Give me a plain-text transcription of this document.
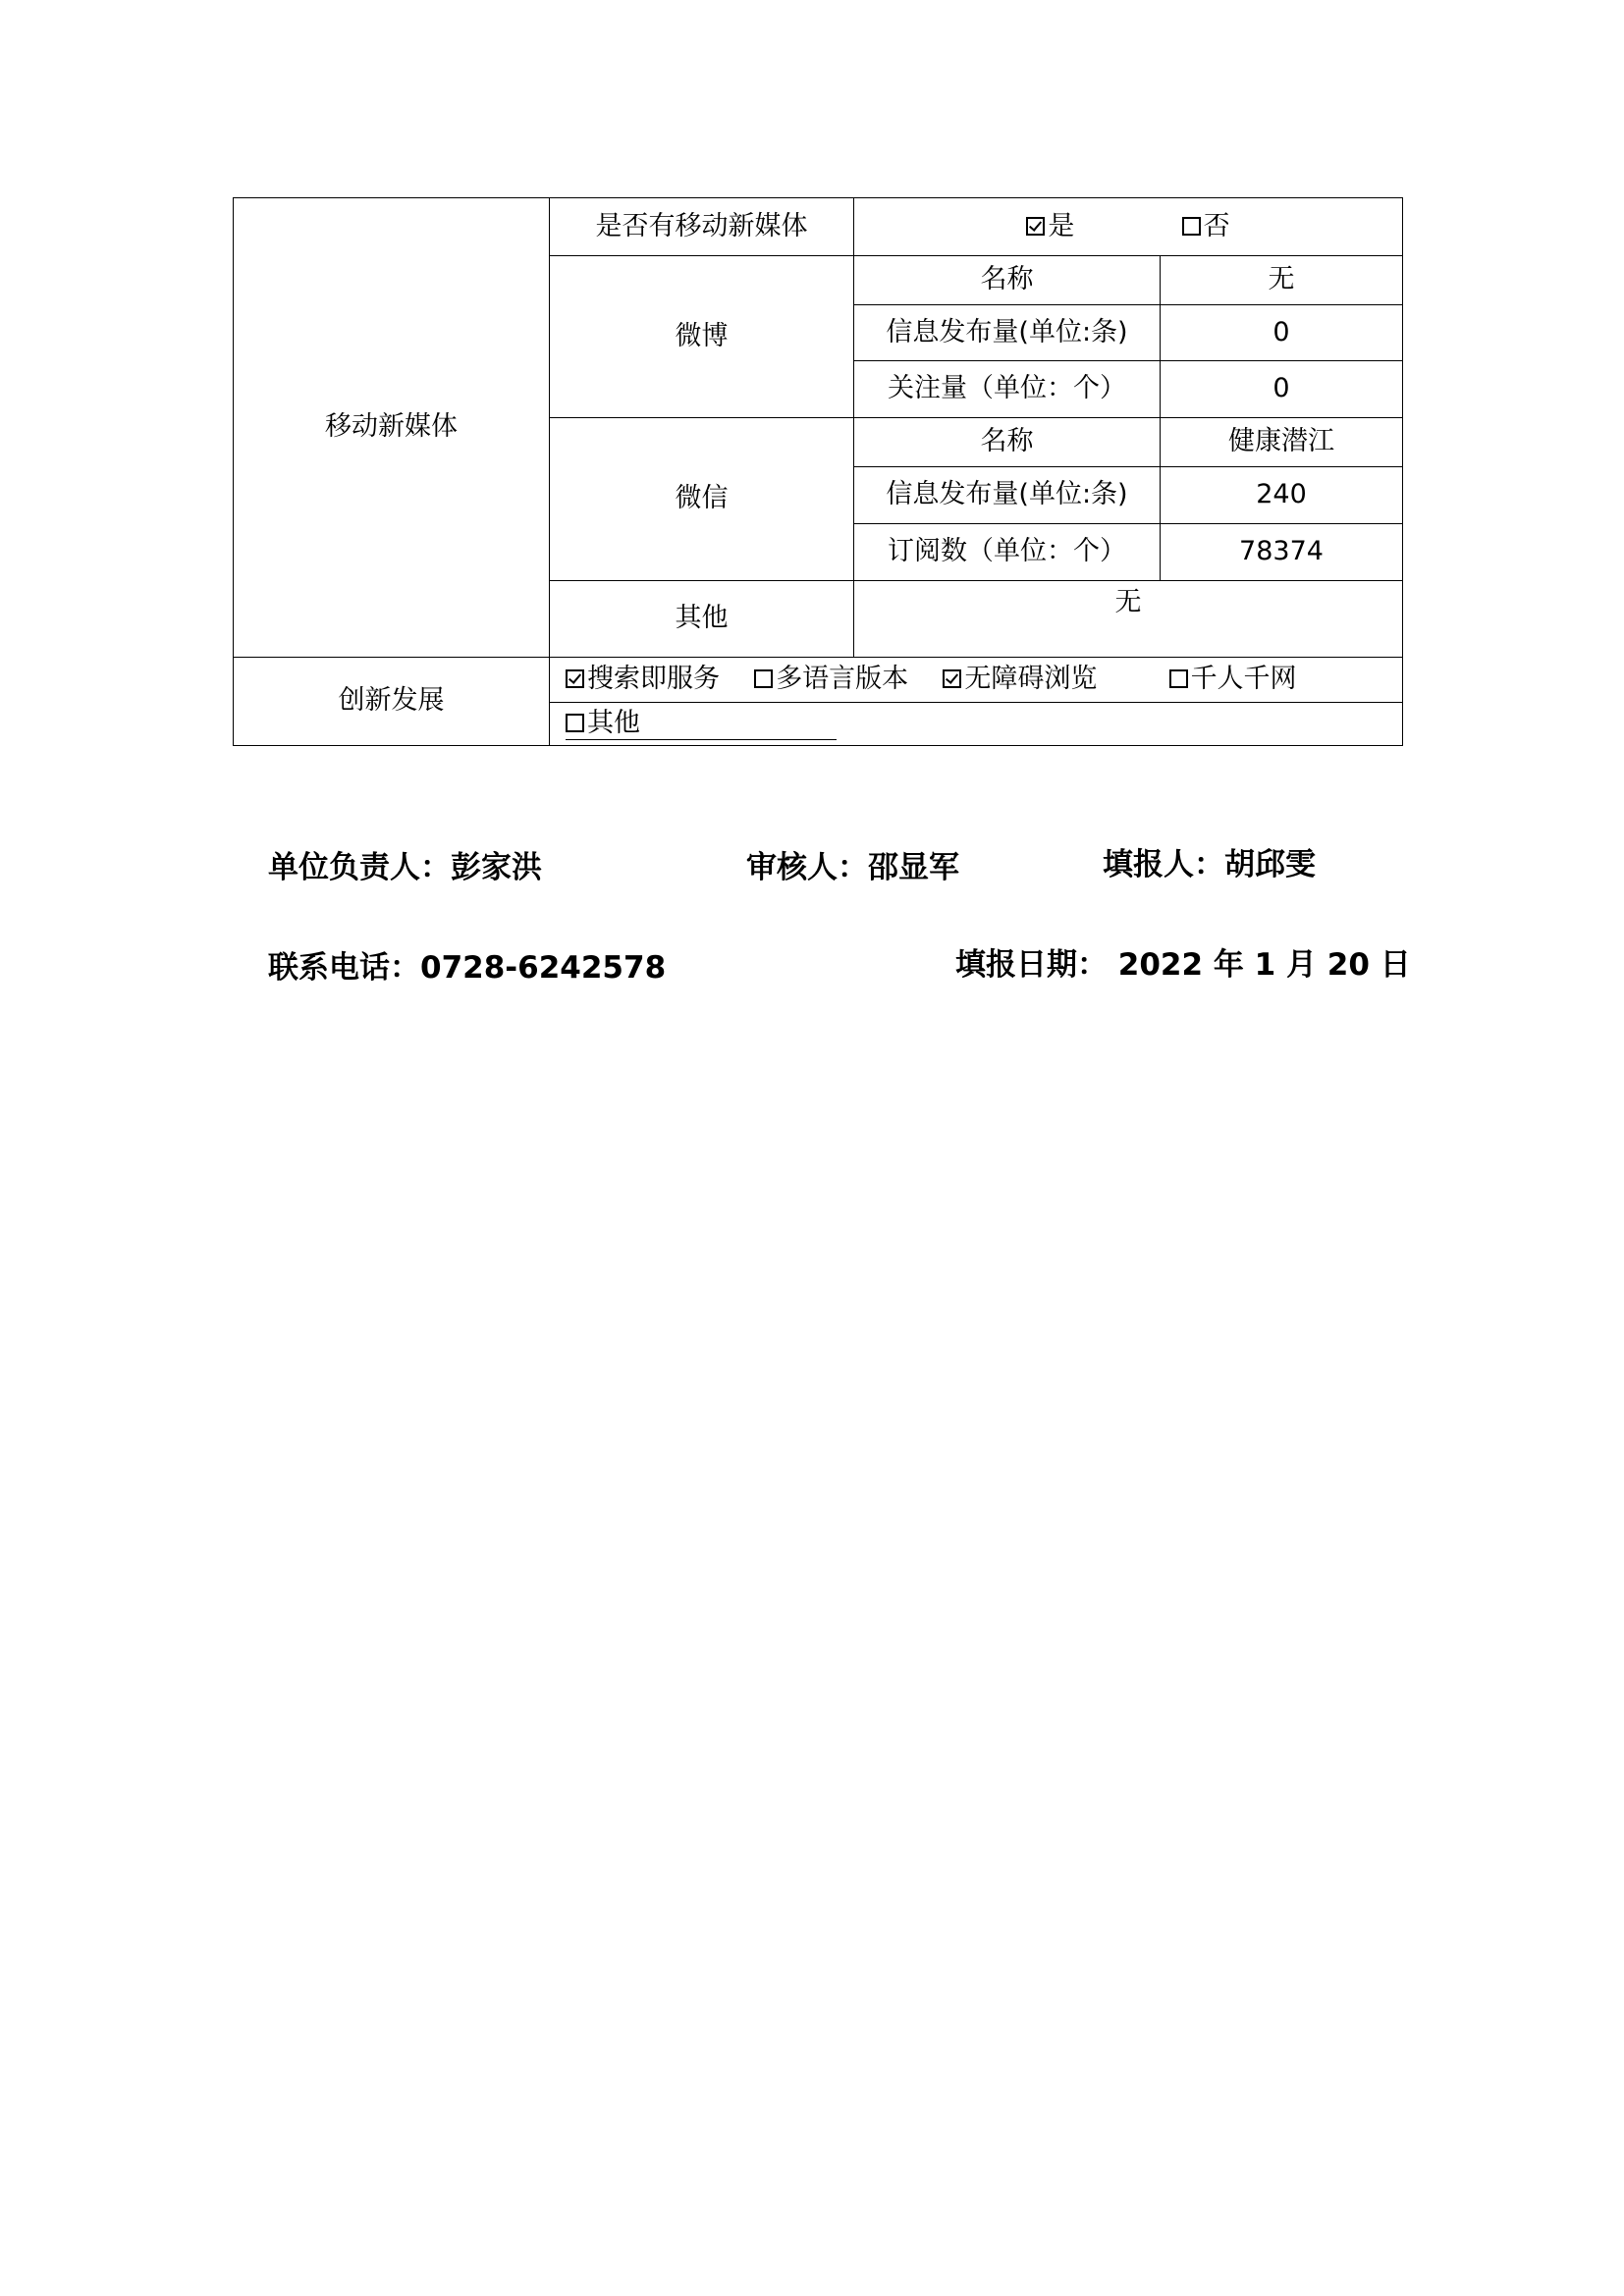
移动新媒体	是否有移动新媒体	是 否	
	微博	名称	无
		信息发布量(单位:条)	0
		关注量（单位：个）	0
	微信	名称	健康潜江
		信息发布量(单位:条)	240
		订阅数（单位：个）	78374
	其他	无	
创新发展	搜索即服务 多语言版本 无障碍浏览 千人千网		
	其他		
单位负责人：彭家洪	审核人：邵显军	填报人：胡邱雯
联系电话：0728-6242578	填报日期： 2022 年 1 月 20 日
